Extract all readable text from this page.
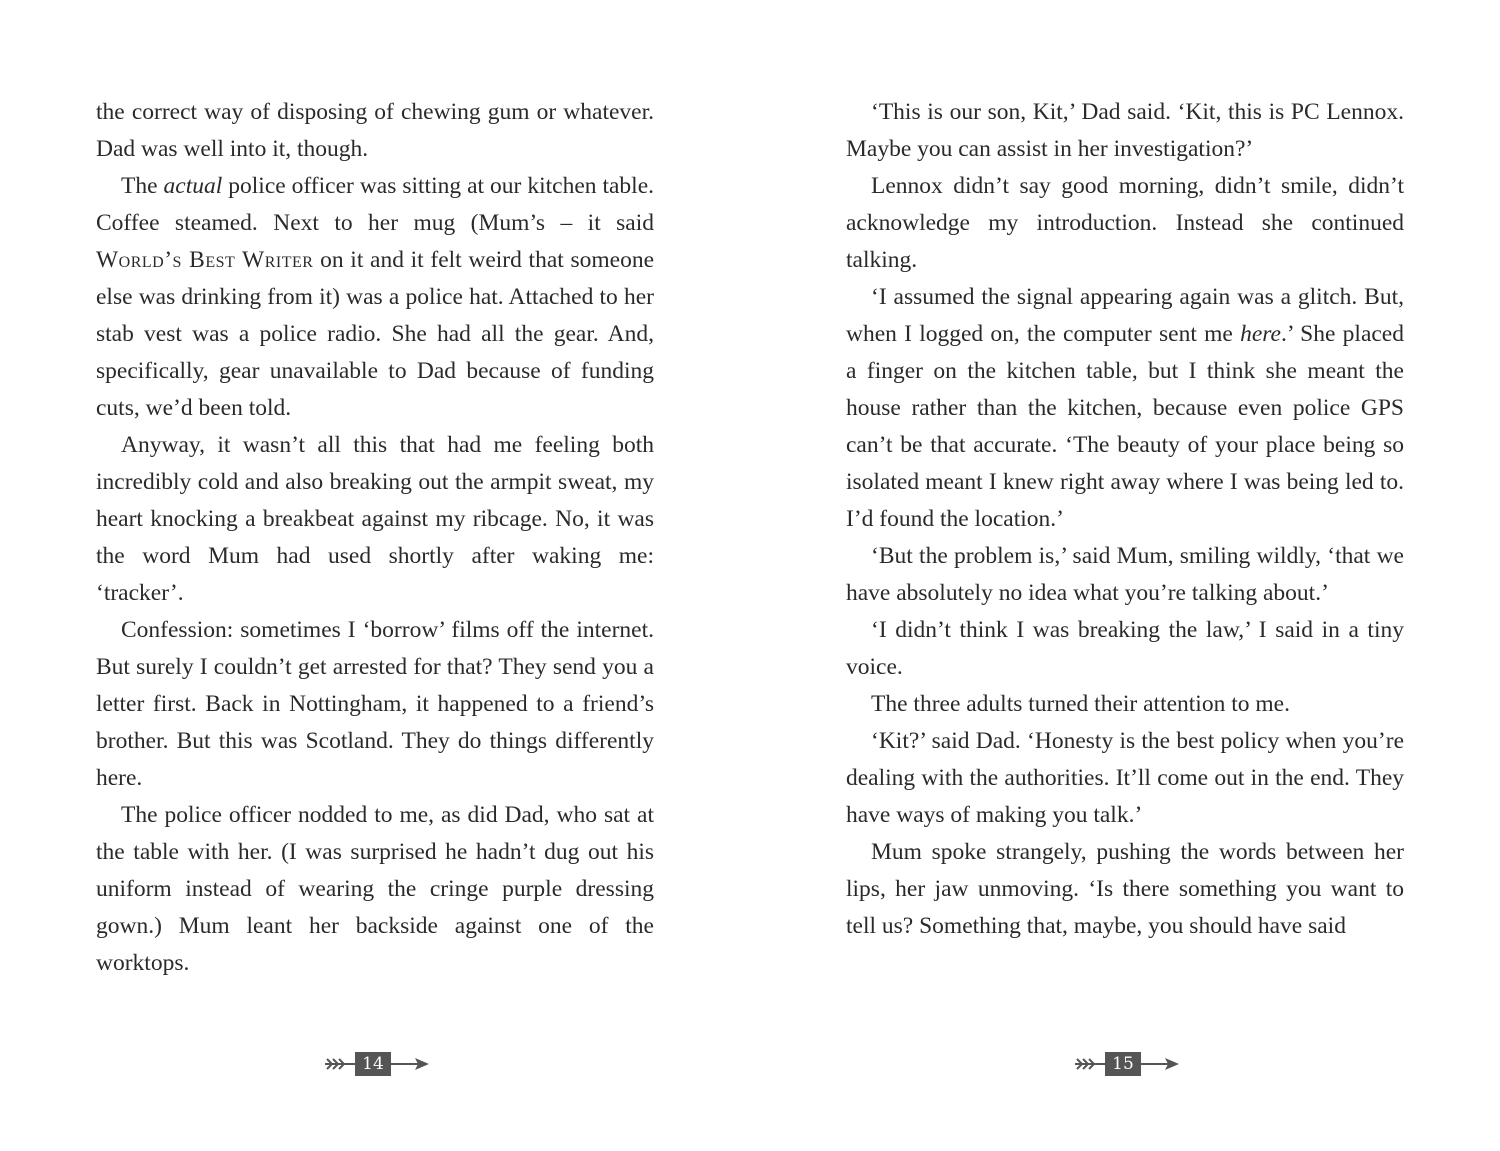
the correct way of disposing of chewing gum or whatever. Dad was well into it, though.

The actual police officer was sitting at our kitchen table. Coffee steamed. Next to her mug (Mum’s – it said World’s Best Writer on it and it felt weird that someone else was drinking from it) was a police hat. Attached to her stab vest was a police radio. She had all the gear. And, specifically, gear unavailable to Dad because of funding cuts, we’d been told.

Anyway, it wasn’t all this that had me feeling both incredibly cold and also breaking out the armpit sweat, my heart knocking a breakbeat against my ribcage. No, it was the word Mum had used shortly after waking me: ‘tracker’.

Confession: sometimes I ‘borrow’ films off the internet. But surely I couldn’t get arrested for that? They send you a letter first. Back in Nottingham, it happened to a friend’s brother. But this was Scotland. They do things differently here.

The police officer nodded to me, as did Dad, who sat at the table with her. (I was surprised he hadn’t dug out his uniform instead of wearing the cringe purple dressing gown.) Mum leant her backside against one of the worktops.

‘This is our son, Kit,’ Dad said. ‘Kit, this is PC Lennox. Maybe you can assist in her investigation?’

Lennox didn’t say good morning, didn’t smile, didn’t acknowledge my introduction. Instead she continued talking.

‘I assumed the signal appearing again was a glitch. But, when I logged on, the computer sent me here.’ She placed a finger on the kitchen table, but I think she meant the house rather than the kitchen, because even police GPS can’t be that accurate. ‘The beauty of your place being so isolated meant I knew right away where I was being led to. I’d found the location.’

‘But the problem is,’ said Mum, smiling wildly, ‘that we have absolutely no idea what you’re talking about.’

‘I didn’t think I was breaking the law,’ I said in a tiny voice.

The three adults turned their attention to me.

‘Kit?’ said Dad. ‘Honesty is the best policy when you’re dealing with the authorities. It’ll come out in the end. They have ways of making you talk.’

Mum spoke strangely, pushing the words between her lips, her jaw unmoving. ‘Is there something you want to tell us? Something that, maybe, you should have said

14	15
